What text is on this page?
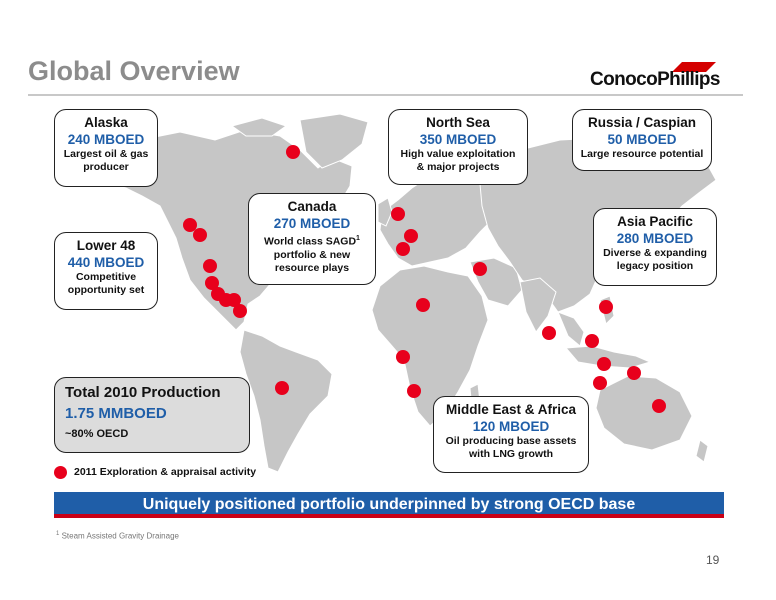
Global Overview	ConocoPhillips
Alaska
240 MBOED
Largest oil & gas
producer
Lower 48
440 MBOED
Competitive
opportunity set
Canada
270 MBOED
World class SAGD$^1$
portfolio & new
resource plays
North Sea
350 MBOED
High value exploitation
& major projects
Russia / Caspian
50 MBOED
Large resource potential
Asia Pacific
280 MBOED
Diverse & expanding
legacy position
Middle East & Africa
120 MBOED
Oil producing base assets
with LNG growth
Total 2010 Production
1.75 MMBOED
~80% OECD
2011 Exploration & appraisal activity
Uniquely positioned portfolio underpinned by strong OECD base
$^1$ Steam Assisted Gravity Drainage
19
